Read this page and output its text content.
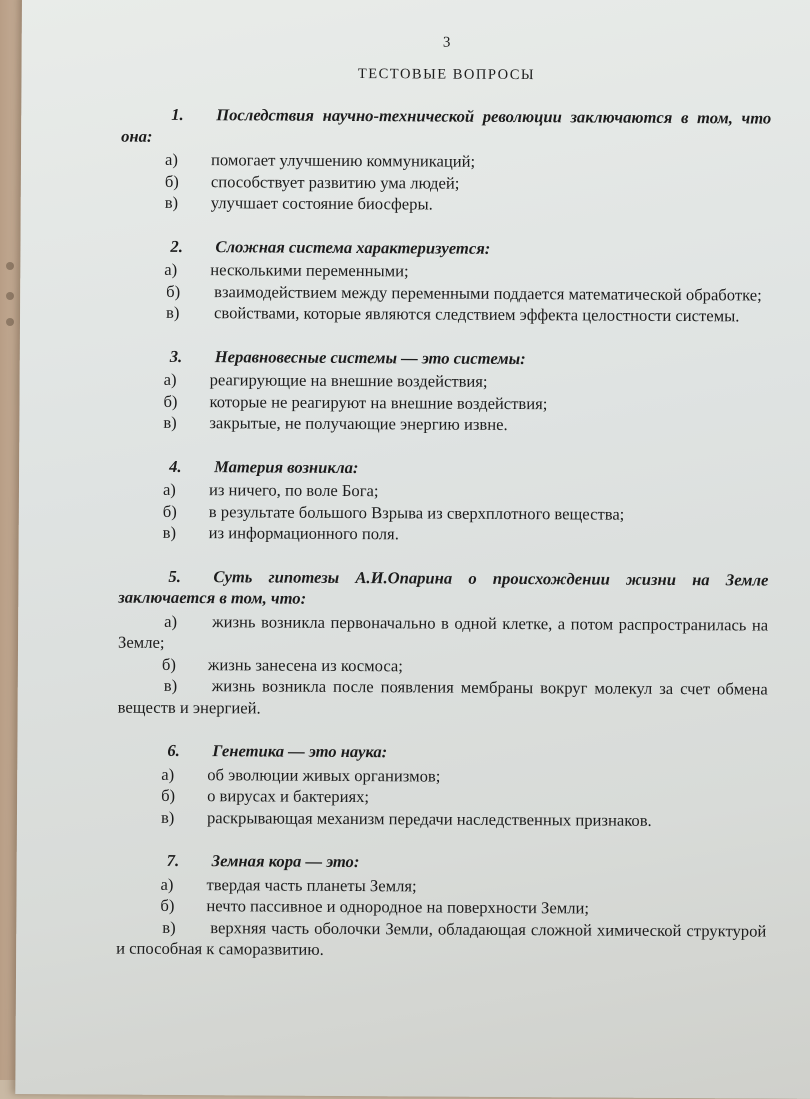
3
ТЕСТОВЫЕ ВОПРОСЫ

1. Последствия научно-технической революции заключаются в том, что она:

а)	помогает улучшению коммуникаций;
б)	способствует развитию ума людей;
в)	улучшает состояние биосферы.

2. Сложная система характеризуется:

а)	несколькими переменными;
б) взаимодействием между переменными поддается математической обработке;
в) свойствами, которые являются следствием эффекта целостности системы.

3. Неравновесные системы — это системы:

а)	реагирующие на внешние воздействия;
б)	которые не реагируют на внешние воздействия;
в)	закрытые, не получающие энергию извне.

4. Материя возникла:

а)	из ничего, по воле Бога;
б)	в результате большого Взрыва из сверхплотного вещества;
в)	из информационного поля.

5. Суть гипотезы А.И.Опарина о происхождении жизни на Земле заключается в том, что:

а) жизнь возникла первоначально в одной клетке, а потом распространилась на Земле;
б)	жизнь занесена из космоса;
в) жизнь возникла после появления мембраны вокруг молекул за счет обмена веществ и энергией.

6. Генетика — это наука:

а)	об эволюции живых организмов;
б)	о вирусах и бактериях;
в)	раскрывающая механизм передачи наследственных признаков.

7. Земная кора — это:

а)	твердая часть планеты Земля;
б)	нечто пассивное и однородное на поверхности Земли;
в) верхняя часть оболочки Земли, обладающая сложной химической структурой и способная к саморазвитию.
